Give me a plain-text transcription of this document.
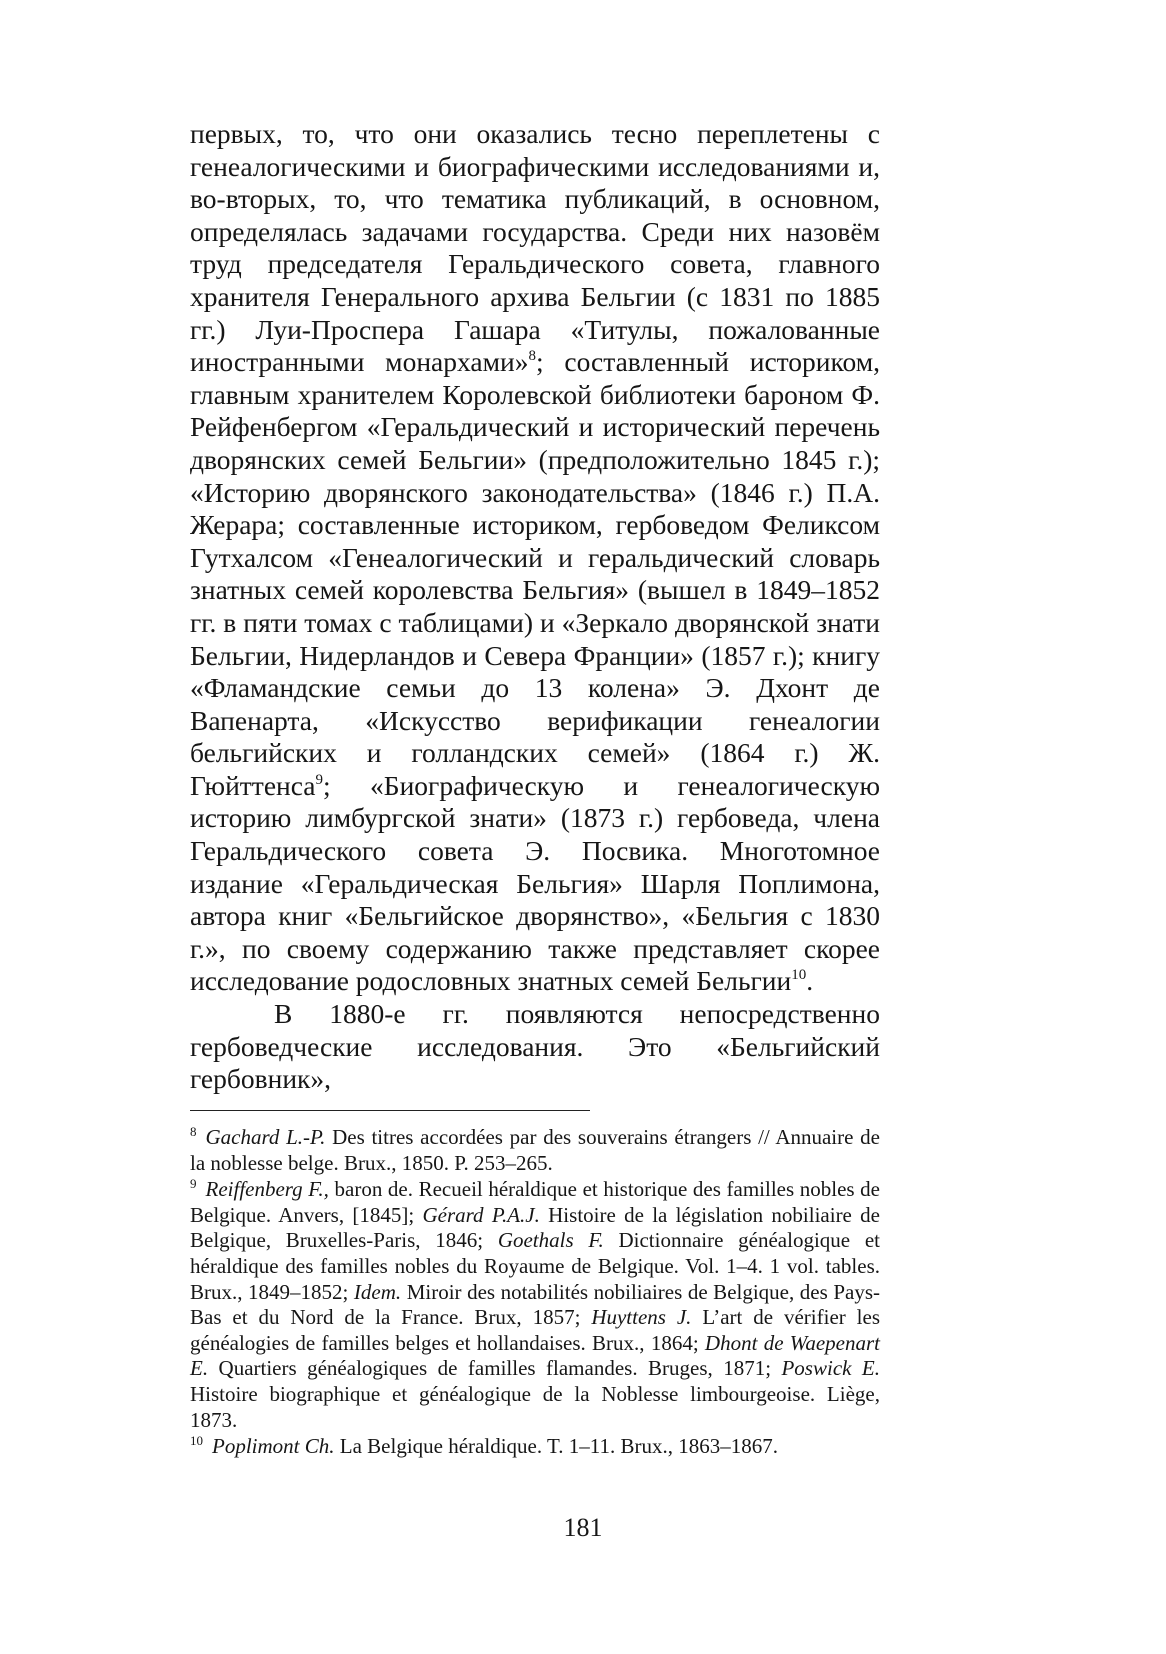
первых, то, что они оказались тесно переплетены с генеалогическими и биографическими исследованиями и, во-вторых, то, что тематика публикаций, в основном, определялась задачами государства. Среди них назовём труд председателя Геральдического совета, главного хранителя Генерального архива Бельгии (с 1831 по 1885 гг.) Луи-Проспера Гашара «Титулы, пожалованные иностранными монархами»$^8$; составленный историком, главным хранителем Королевской библиотеки бароном Ф. Рейфенбергом «Геральдический и исторический перечень дворянских семей Бельгии» (предположительно 1845 г.); «Историю дворянского законодательства» (1846 г.) П.А. Жерара; составленные историком, гербоведом Феликсом Гутхалсом «Генеалогический и геральдический словарь знатных семей королевства Бельгия» (вышел в 1849–1852 гг. в пяти томах с таблицами) и «Зеркало дворянской знати Бельгии, Нидерландов и Севера Франции» (1857 г.); книгу «Фламандские семьи до 13 колена» Э. Дхонт де Вапенарта, «Искусство верификации генеалогии бельгийских и голландских семей» (1864 г.) Ж. Гюйттенса$^9$; «Биографическую и генеалогическую историю лимбургской знати» (1873 г.) гербоведа, члена Геральдического совета Э. Посвика. Многотомное издание «Геральдическая Бельгия» Шарля Поплимона, автора книг «Бельгийское дворянство», «Бельгия с 1830 г.», по своему содержанию также представляет скорее исследование родословных знатных семей Бельгии$^{10}$.

В 1880-е гг. появляются непосредственно гербоведческие исследования. Это «Бельгийский гербовник»,

$^8$ Gachard L.-P. Des titres accordées par des souverains étrangers // Annuaire de la noblesse belge. Brux., 1850. P. 253–265.
$^9$ Reiffenberg F., baron de. Recueil héraldique et historique des familles nobles de Belgique. Anvers, [1845]; Gérard P.A.J. Histoire de la législation nobiliaire de Belgique, Bruxelles-Paris, 1846; Goethals F. Dictionnaire généalogique et héraldique des familles nobles du Royaume de Belgique. Vol. 1–4. 1 vol. tables. Brux., 1849–1852; Idem. Miroir des notabilités nobiliaires de Belgique, des Pays-Bas et du Nord de la France. Brux, 1857; Huyttens J. L’art de vérifier les généalogies de familles belges et hollandaises. Brux., 1864; Dhont de Waepenart E. Quartiers généalogiques de familles flamandes. Bruges, 1871; Poswick E. Histoire biographique et généalogique de la Noblesse limbourgeoise. Liège, 1873.
$^{10}$ Poplimont Ch. La Belgique héraldique. T. 1–11. Brux., 1863–1867.
181
